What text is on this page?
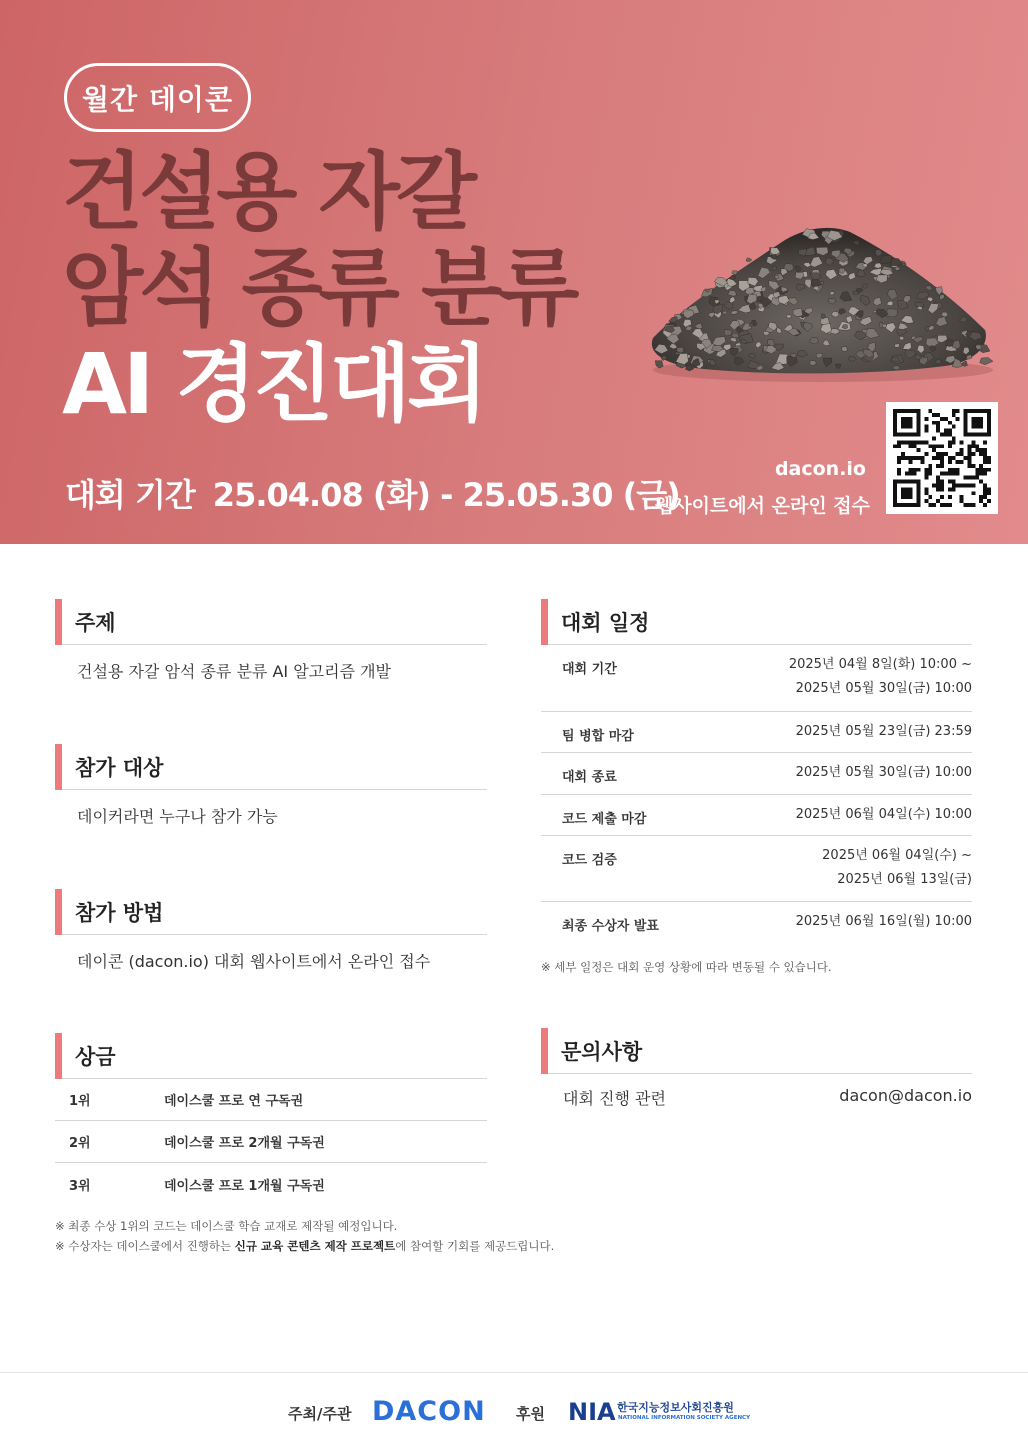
월간 데이콘
건설용 자갈
암석 종류 분류
AI 경진대회
대회 기간 25.04.08 (화) - 25.05.30 (금)
dacon.io
웹사이트에서 온라인 접수
주제
건설용 자갈 암석 종류 분류 AI 알고리즘 개발
참가 대상
데이커라면 누구나 참가 가능
참가 방법
데이콘 (dacon.io) 대회 웹사이트에서 온라인 접수
상금
1위	데이스쿨 프로 연 구독권
2위	데이스쿨 프로 2개월 구독권
3위	데이스쿨 프로 1개월 구독권
※ 최종 수상 1위의 코드는 데이스쿨 학습 교재로 제작될 예정입니다.
※ 수상자는 데이스쿨에서 진행하는 신규 교육 콘텐츠 제작 프로젝트에 참여할 기회를 제공드립니다.
대회 일정
대회 기간	2025년 04월 8일(화) 10:00 ~
2025년 05월 30일(금) 10:00
팀 병합 마감	2025년 05월 23일(금) 23:59
대회 종료	2025년 05월 30일(금) 10:00
코드 제출 마감	2025년 06월 04일(수) 10:00
코드 검증	2025년 06월 04일(수) ~
2025년 06월 13일(금)
최종 수상자 발표	2025년 06월 16일(월) 10:00
※ 세부 일정은 대회 운영 상황에 따라 변동될 수 있습니다.
문의사항
대회 진행 관련	dacon@dacon.io
주최/주관 DACON 후원 NIA 한국지능정보사회진흥원
NATIONAL INFORMATION SOCIETY AGENCY
